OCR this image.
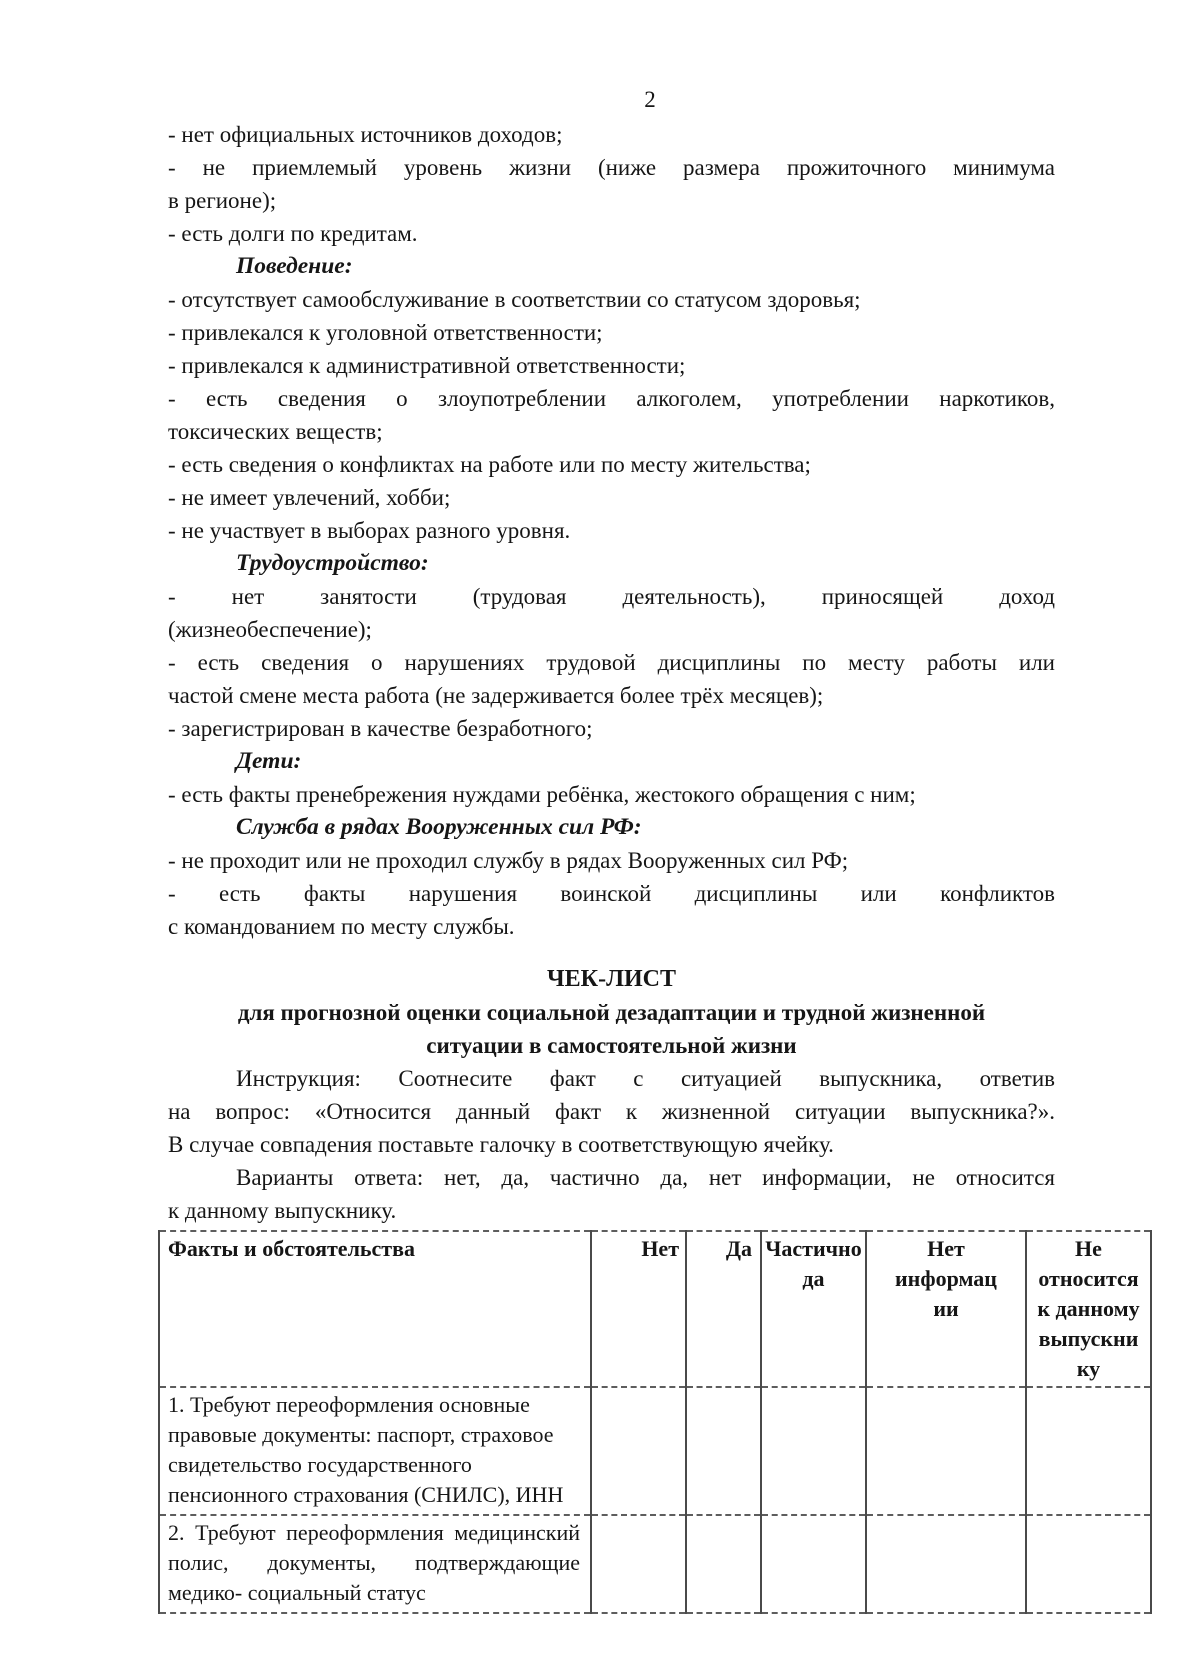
2
- нет официальных источников доходов;
- не приемлемый уровень жизни (ниже размера прожиточного минимума
в регионе);
- есть долги по кредитам.
Поведение:
- отсутствует самообслуживание в соответствии со статусом здоровья;
- привлекался к уголовной ответственности;
- привлекался к административной ответственности;
- есть сведения о злоупотреблении алкоголем, употреблении наркотиков,
токсических веществ;
- есть сведения о конфликтах на работе или по месту жительства;
- не имеет увлечений, хобби;
- не участвует в выборах разного уровня.
Трудоустройство:
- нет занятости (трудовая деятельность), приносящей доход
(жизнеобеспечение);
- есть сведения о нарушениях трудовой дисциплины по месту работы или
частой смене места работа (не задерживается более трёх месяцев);
- зарегистрирован в качестве безработного;
Дети:
- есть факты пренебрежения нуждами ребёнка, жестокого обращения с ним;
Служба в рядах Вооруженных сил РФ:
- не проходит или не проходил службу в рядах Вооруженных сил РФ;
- есть факты нарушения воинской дисциплины или конфликтов
с командованием по месту службы.
ЧЕК-ЛИСТ
для прогнозной оценки социальной дезадаптации и трудной жизненной
ситуации в самостоятельной жизни
Инструкция: Соотнесите факт с ситуацией выпускника, ответив
на вопрос: «Относится данный факт к жизненной ситуации выпускника?».
В случае совпадения поставьте галочку в соответствующую ячейку.
Варианты ответа: нет, да, частично да, нет информации, не относится
к данному выпускнику.
Факты и обстоятельства	Нет	Да	Частично да	Нет информации	Не относится к данному выпускнику
1. Требуют переоформления основные правовые документы: паспорт, страховое свидетельство государственного пенсионного страхования (СНИЛС), ИНН					
2. Требуют переоформления медицинский полис, документы, подтверждающие медико- социальный статус					
